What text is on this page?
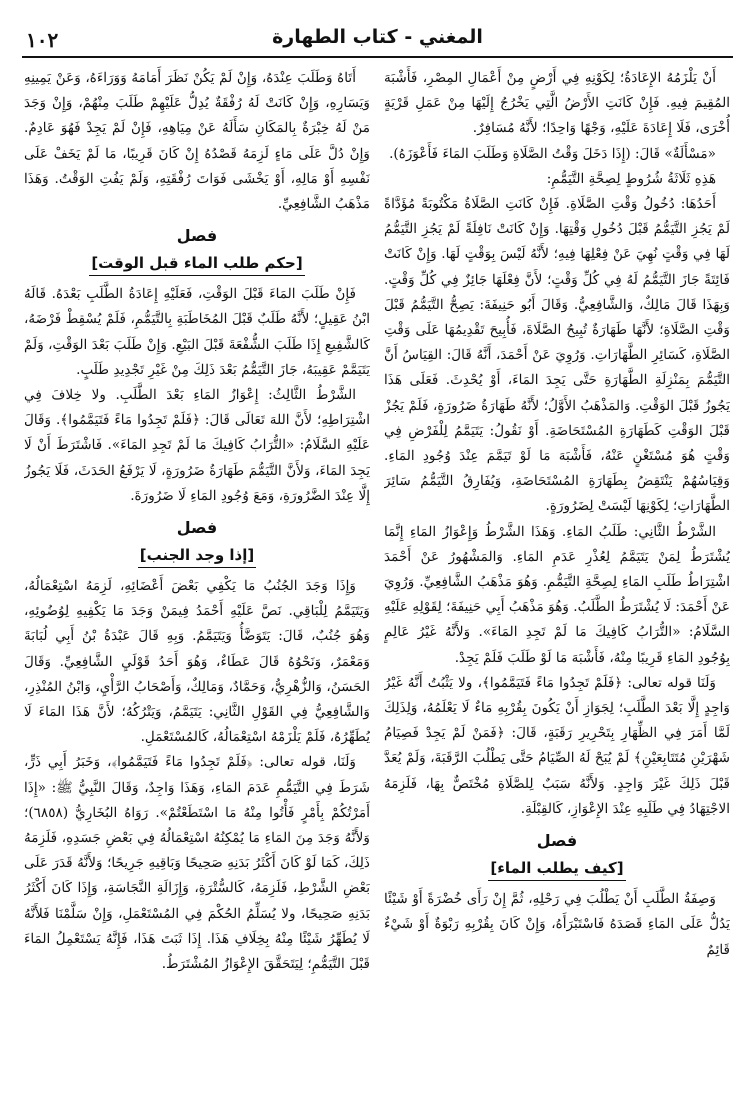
المغني - كتاب الطهارة
١٠٢

أَنْ يَلْزَمُهُ الإِعَادَةُ؛ لِكَوْنِهِ فِي أَرْضٍ مِنْ أَعْمَالِ المِصْرِ، فَأَشْبَهَ المُقِيمَ فِيهِ. فَإِنْ كَانَتِ الأَرْضُ الَّتِي يَخْرُجُ إِلَيْهَا مِنْ عَمَلِ قَرْيَةٍ أُخْرَى، فَلَا إِعَادَةَ عَلَيْهِ، وَجْهًا وَاحِدًا؛ لأَنَّهُ مُسَافِرٌ.

«مَسْأَلَةٌ» قَالَ: (إِذَا دَخَلَ وَقْتُ الصَّلَاةِ وَطَلَبَ المَاءَ فَأَعْوَزَهُ).

هَذِهِ ثَلَاثَةُ شُرُوطٍ لِصِحَّةِ التَّيَمُّمِ:

أَحَدُهَا: دُخُولُ وَقْتِ الصَّلَاةِ. فَإِنْ كَانَتِ الصَّلَاةُ مَكْتُوبَةً مُؤَدَّاةً لَمْ يَجُزِ التَّيَمُّمُ قَبْلَ دُخُولِ وَقْتِهَا. وَإِنْ كَانَتْ نَافِلَةً لَمْ يَجُزِ التَّيَمُّمُ لَهَا فِي وَقْتٍ نُهِيَ عَنْ فِعْلِهَا فِيهِ؛ لأَنَّهُ لَيْسَ بِوَقْتٍ لَهَا. وَإِنْ كَانَتْ فَائِتَةً جَازَ التَّيَمُّمُ لَهُ فِي كُلِّ وَقْتٍ؛ لأَنَّ فِعْلَهَا جَائِزٌ فِي كُلِّ وَقْتٍ. وَبِهَذَا قَالَ مَالِكٌ، وَالشَّافِعِيُّ. وَقَالَ أَبُو حَنِيفَةَ: يَصِحُّ التَّيَمُّمُ قَبْلَ وَقْتِ الصَّلَاةِ؛ لأَنَّهَا طَهَارَةٌ تُبِيحُ الصَّلَاةَ، فَأُبِيحَ تَقْدِيمُهَا عَلَى وَقْتِ الصَّلَاةِ، كَسَائِرِ الطَّهَارَاتِ. وَرُوِيَ عَنْ أَحْمَدَ، أَنَّهُ قَالَ: القِيَاسُ أَنَّ التَّيَمُّمَ بِمَنْزِلَةِ الطَّهَارَةِ حَتَّى يَجِدَ المَاءَ، أَوْ يُحْدِثَ. فَعَلَى هَذَا يَجُوزُ قَبْلَ الوَقْتِ. وَالمَذْهَبُ الأَوَّلُ؛ لأَنَّهُ طَهَارَةُ ضَرُورَةٍ، فَلَمْ يَجُزْ قَبْلَ الوَقْتِ كَطَهَارَةِ المُسْتَحَاضَةِ. أَوْ نَقُولُ: يَتَيَمَّمُ لِلْفَرْضِ فِي وَقْتٍ هُوَ مُسْتَغْنٍ عَنْهُ، فَأَشْبَهَ مَا لَوْ تَيَمَّمَ عِنْدَ وُجُودِ المَاءِ. وَقِيَاسُهُمْ يَنْتَقِضُ بِطَهَارَةِ المُسْتَحَاضَةِ، وَيُفَارِقُ التَّيَمُّمُ سَائِرَ الطَّهَارَاتِ؛ لِكَوْنِهَا لَيْسَتْ لِضَرُورَةٍ.

الشَّرْطُ الثَّانِي: طَلَبُ المَاءِ. وَهَذَا الشَّرْطُ وَإِعْوَازُ المَاءِ إِنَّمَا يُشْتَرَطُ لِمَنْ يَتَيَمَّمُ لِعُذْرِ عَدَمِ المَاءِ. وَالمَشْهُورُ عَنْ أَحْمَدَ اشْتِرَاطُ طَلَبِ المَاءِ لِصِحَّةِ التَّيَمُّمِ. وَهُوَ مَذْهَبُ الشَّافِعِيِّ. وَرُوِيَ عَنْ أَحْمَدَ: لَا يُشْتَرَطُ الطَّلَبُ. وَهُوَ مَذْهَبُ أَبِي حَنِيفَةَ؛ لِقَوْلِهِ عَلَيْهِ السَّلَامُ: «التُّرَابُ كَافِيكَ مَا لَمْ تَجِدِ المَاءَ». وَلأَنَّهُ غَيْرُ عَالِمٍ بِوُجُودِ المَاءِ قَرِيبًا مِنْهُ، فَأَشْبَهَ مَا لَوْ طَلَبَ فَلَمْ يَجِدْ.

وَلَنَا قوله تعالى: ﴿فَلَمْ تَجِدُوا مَاءً فَتَيَمَّمُوا﴾، ولا يَثْبُتُ أَنَّهُ غَيْرُ وَاجِدٍ إِلَّا بَعْدَ الطَّلَبِ؛ لِجَوَازِ أَنْ يَكُونَ بِقُرْبِهِ مَاءٌ لَا يَعْلَمُهُ، وَلِذَلِكَ لَمَّا أَمَرَ فِي الظِّهَارِ بِتَحْرِيرِ رَقَبَةٍ، قَالَ: ﴿فَمَنْ لَمْ يَجِدْ فَصِيَامُ شَهْرَيْنِ مُتَتَابِعَيْنِ﴾ لَمْ يُبَحْ لَهُ الصِّيَامُ حَتَّى يَطْلُبَ الرَّقَبَةَ، وَلَمْ يُعَدَّ قَبْلَ ذَلِكَ غَيْرَ وَاجِدٍ. وَلأَنَّهُ سَبَبٌ لِلصَّلَاةِ مُخْتَصٌّ بِهَا، فَلَزِمَهُ الاجْتِهَادُ فِي طَلَبِهِ عِنْدَ الإِعْوَازِ، كَالقِبْلَةِ.

فصل
[كيف يطلب الماء]

وَصِفَةُ الطَّلَبِ أَنْ يَطْلُبَ فِي رَحْلِهِ، ثُمَّ إِنْ رَأَى خُضْرَةً أَوْ شَيْئًا يَدُلُّ عَلَى المَاءِ قَصَدَهُ فَاسْتَبْرَأَهُ، وَإِنْ كَانَ بِقُرْبِهِ رَبْوَةٌ أَوْ شَيْءٌ قَائِمٌ

أَتَاهُ وَطَلَبَ عِنْدَهُ، وَإِنْ لَمْ يَكُنْ نَظَرَ أَمَامَهُ وَوَرَاءَهُ، وَعَنْ يَمِينِهِ وَيَسَارِهِ، وَإِنْ كَانَتْ لَهُ رُفْقَةٌ يُدِلُّ عَلَيْهِمْ طَلَبَ مِنْهُمْ، وَإِنْ وَجَدَ مَنْ لَهُ خِبْرَةٌ بِالمَكَانِ سَأَلَهُ عَنْ مِيَاهِهِ، فَإِنْ لَمْ يَجِدْ فَهُوَ عَادِمٌ. وَإِنْ دُلَّ عَلَى مَاءٍ لَزِمَهُ قَصْدُهُ إِنْ كَانَ قَرِيبًا، مَا لَمْ يَخَفْ عَلَى نَفْسِهِ أَوْ مَالِهِ، أَوْ يَخْشَى فَوَاتَ رُفْقَتِهِ، وَلَمْ يَفُتِ الوَقْتُ. وَهَذَا مَذْهَبُ الشَّافِعِيِّ.

فصل
[حكم طلب الماء قبل الوقت]

فَإِنْ طَلَبَ المَاءَ قَبْلَ الوَقْتِ، فَعَلَيْهِ إِعَادَةُ الطَّلَبِ بَعْدَهُ. قَالَهُ ابْنُ عَقِيلٍ؛ لأَنَّهُ طَلَبٌ قَبْلَ المُخَاطَبَةِ بِالتَّيَمُّمِ، فَلَمْ يُسْقِطْ فَرْضَهُ، كَالشَّفِيعِ إِذَا طَلَبَ الشُّفْعَةَ قَبْلَ البَيْعِ. وَإِنْ طَلَبَ بَعْدَ الوَقْتِ، وَلَمْ يَتَيَمَّمْ عَقِيبَهُ، جَازَ التَّيَمُّمُ بَعْدَ ذَلِكَ مِنْ غَيْرِ تَجْدِيدِ طَلَبٍ.

الشَّرْطُ الثَّالِثُ: إِعْوَازُ المَاءِ بَعْدَ الطَّلَبِ. ولا خِلافَ فِي اشْتِرَاطِهِ؛ لأَنَّ اللهَ تَعَالَى قَالَ: ﴿فَلَمْ تَجِدُوا مَاءً فَتَيَمَّمُوا﴾. وَقَالَ عَلَيْهِ السَّلَامُ: «التُّرَابُ كَافِيكَ مَا لَمْ تَجِدِ المَاءَ». فَاشْتَرَطَ أَنْ لَا يَجِدَ المَاءَ، وَلأَنَّ التَّيَمُّمَ طَهَارَةُ ضَرُورَةٍ، لَا يَرْفَعُ الحَدَثَ، فَلَا يَجُوزُ إِلَّا عِنْدَ الضَّرُورَةِ، وَمَعَ وُجُودِ المَاءِ لَا ضَرُورَةَ.

فصل
[إذا وجد الجنب]

وَإِذَا وَجَدَ الجُنُبُ مَا يَكْفِي بَعْضَ أَعْضَائِهِ، لَزِمَهُ اسْتِعْمَالُهُ، وَيَتَيَمَّمُ لِلْبَاقِي. نَصَّ عَلَيْهِ أَحْمَدُ فِيمَنْ وَجَدَ مَا يَكْفِيهِ لِوُضُوئِهِ، وَهُوَ جُنُبٌ، قَالَ: يَتَوَضَّأُ وَيَتَيَمَّمُ. وَبِهِ قَالَ عَبْدَةُ بْنُ أَبِي لُبَابَةَ وَمَعْمَرٌ، وَنَحْوُهُ قَالَ عَطَاءٌ، وَهُوَ أَحَدُ قَوْلَيِ الشَّافِعِيِّ. وَقَالَ الحَسَنُ، وَالزُّهْرِيُّ، وَحَمَّادٌ، وَمَالِكٌ، وَأَصْحَابُ الرَّأْيِ، وَابْنُ المُنْذِرِ، وَالشَّافِعِيُّ فِي القَوْلِ الثَّانِي: يَتَيَمَّمُ، وَيَتْرُكُهُ؛ لأَنَّ هَذَا المَاءَ لَا يُطَهِّرُهُ، فَلَمْ يَلْزَمْهُ اسْتِعْمَالُهُ، كَالمُسْتَعْمَلِ.

وَلَنَا، قوله تعالى: ﴿فَلَمْ تَجِدُوا مَاءً فَتَيَمَّمُوا﴾، وَخَبَرُ أَبِي ذَرٍّ، شَرَطَ فِي التَّيَمُّمِ عَدَمَ المَاءِ، وَهَذَا وَاجِدٌ، وَقَالَ النَّبِيُّ ﷺ: «إِذَا أَمَرْتُكُمْ بِأَمْرٍ فَأْتُوا مِنْهُ مَا اسْتَطَعْتُمْ». رَوَاهُ البُخَارِيُّ (٦٨٥٨)؛ وَلأَنَّهُ وَجَدَ مِنَ المَاءِ مَا يُمْكِنُهُ اسْتِعْمَالُهُ فِي بَعْضِ جَسَدِهِ، فَلَزِمَهُ ذَلِكَ، كَمَا لَوْ كَانَ أَكْثَرُ بَدَنِهِ صَحِيحًا وَبَاقِيهِ جَرِيحًا؛ وَلأَنَّهُ قَدَرَ عَلَى بَعْضِ الشَّرْطِ، فَلَزِمَهُ، كَالسُّتْرَةِ، وَإِزَالَةِ النَّجَاسَةِ، وَإِذَا كَانَ أَكْثَرُ بَدَنِهِ صَحِيحًا، ولا يُسَلِّمُ الحُكْمَ فِي المُسْتَعْمَلِ، وَإِنْ سَلَّمْنَا فَلأَنَّهُ لَا يُطَهِّرُ شَيْئًا مِنْهُ بِخِلَافِ هَذَا. إِذَا ثَبَتَ هَذَا، فَإِنَّهُ يَسْتَعْمِلُ المَاءَ قَبْلَ التَّيَمُّمِ؛ لِيَتَحَقَّقَ الإِعْوَازُ المُشْتَرَطُ.
